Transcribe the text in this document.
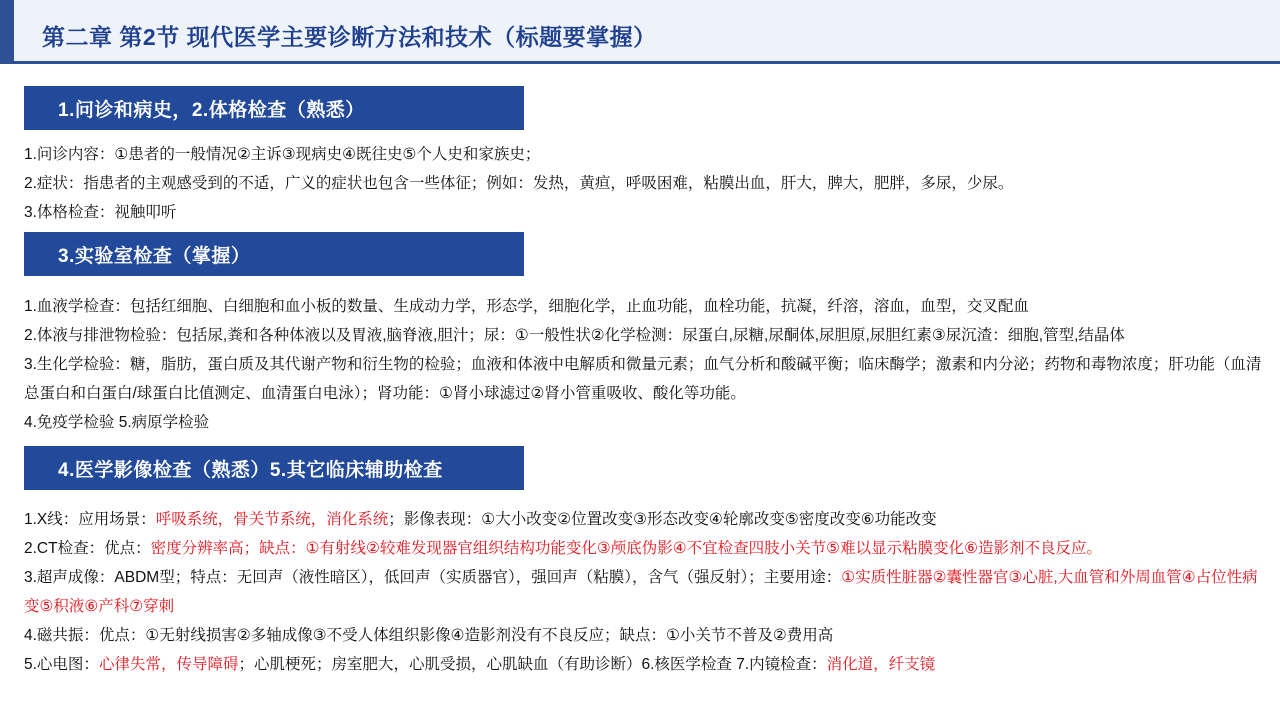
第二章 第2节 现代医学主要诊断方法和技术（标题要掌握）
1.问诊和病史，2.体格检查（熟悉）
1.问诊内容：①患者的一般情况②主诉③现病史④既往史⑤个人史和家族史；
2.症状：指患者的主观感受到的不适，广义的症状也包含一些体征；例如：发热，黄疸，呼吸困难，粘膜出血，肝大，脾大，肥胖，多尿，少尿。
3.体格检查：视触叩听
3.实验室检查（掌握）
1.血液学检查：包括红细胞、白细胞和血小板的数量、生成动力学，形态学，细胞化学，止血功能，血栓功能，抗凝，纤溶，溶血，血型，交叉配血
2.体液与排泄物检验：包括尿,粪和各种体液以及胃液,脑脊液,胆汁；尿：①一般性状②化学检测：尿蛋白,尿糖,尿酮体,尿胆原,尿胆红素③尿沉渣：细胞,管型,结晶体
3.生化学检验：糖，脂肪，蛋白质及其代谢产物和衍生物的检验；血液和体液中电解质和微量元素；血气分析和酸碱平衡；临床酶学；激素和内分泌；药物和毒物浓度；肝功能（血清总蛋白和白蛋白/球蛋白比值测定、血清蛋白电泳）；肾功能：①肾小球滤过②肾小管重吸收、酸化等功能。
4.免疫学检验 5.病原学检验
4.医学影像检查（熟悉）5.其它临床辅助检查
1.X线：应用场景：呼吸系统，骨关节系统，消化系统；影像表现：①大小改变②位置改变③形态改变④轮廓改变⑤密度改变⑥功能改变
2.CT检查：优点：密度分辨率高；缺点：①有射线②较难发现器官组织结构功能变化③颅底伪影④不宜检查四肢小关节⑤难以显示粘膜变化⑥造影剂不良反应。
3.超声成像：ABDM型；特点：无回声（液性暗区），低回声（实质器官），强回声（粘膜），含气（强反射）；主要用途：①实质性脏器②囊性器官③心脏,大血管和外周血管④占位性病变⑤积液⑥产科⑦穿刺
4.磁共振：优点：①无射线损害②多轴成像③不受人体组织影像④造影剂没有不良反应；缺点：①小关节不普及②费用高
5.心电图：心律失常，传导障碍；心肌梗死；房室肥大，心肌受损，心肌缺血（有助诊断）6.核医学检查 7.内镜检查：消化道，纤支镜
